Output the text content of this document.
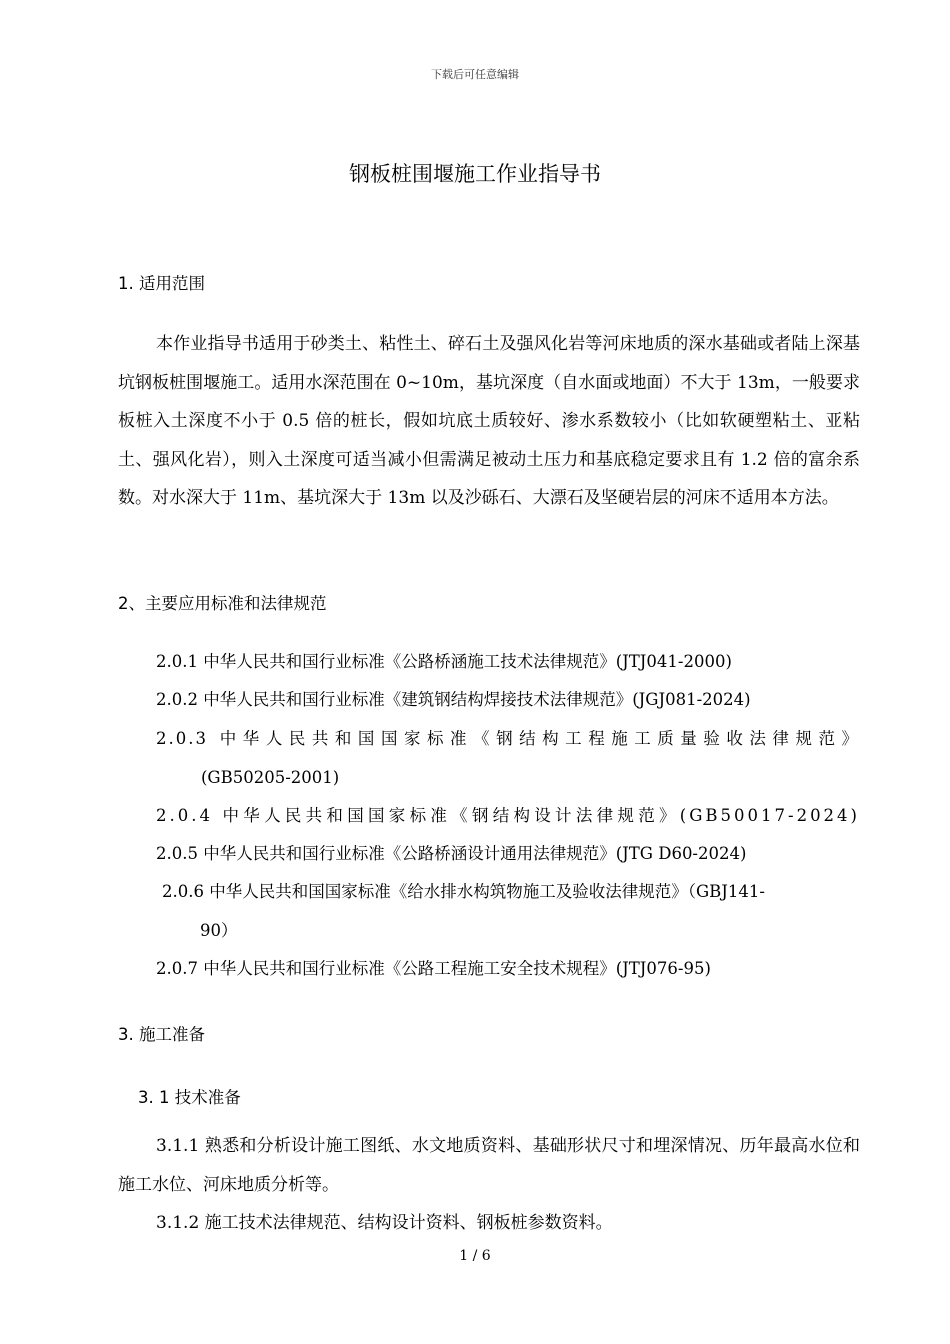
下载后可任意编辑
钢板桩围堰施工作业指导书
1. 适用范围
本作业指导书适用于砂类土、粘性土、碎石土及强风化岩等河床地质的深水基础或者陆上深基坑钢板桩围堰施工。适用水深范围在 0~10m，基坑深度（自水面或地面）不大于 13m，一般要求板桩入土深度不小于 0.5 倍的桩长，假如坑底土质较好、渗水系数较小（比如软硬塑粘土、亚粘土、强风化岩），则入土深度可适当减小但需满足被动土压力和基底稳定要求且有 1.2 倍的富余系数。对水深大于 11m、基坑深大于 13m 以及沙砾石、大漂石及坚硬岩层的河床不适用本方法。
2、主要应用标准和法律规范
2.0.1 中华人民共和国行业标准《公路桥涵施工技术法律规范》(JTJ041-2000)
2.0.2 中华人民共和国行业标准《建筑钢结构焊接技术法律规范》(JGJ081-2024)
2.0.3 中华人民共和国国家标准《钢结构工程施工质量验收法律规范》
(GB50205-2001)
2.0.4 中华人民共和国国家标准《钢结构设计法律规范》(GB50017-2024)
2.0.5 中华人民共和国行业标准《公路桥涵设计通用法律规范》(JTG D60-2024)
2.0.6 中华人民共和国国家标准《给水排水构筑物施工及验收法律规范》（GBJ141-
90）
2.0.7 中华人民共和国行业标准《公路工程施工安全技术规程》(JTJ076-95)
3. 施工准备
3. 1 技术准备
3.1.1 熟悉和分析设计施工图纸、水文地质资料、基础形状尺寸和埋深情况、历年最高水位和施工水位、河床地质分析等。
3.1.2 施工技术法律规范、结构设计资料、钢板桩参数资料。
1 / 6
